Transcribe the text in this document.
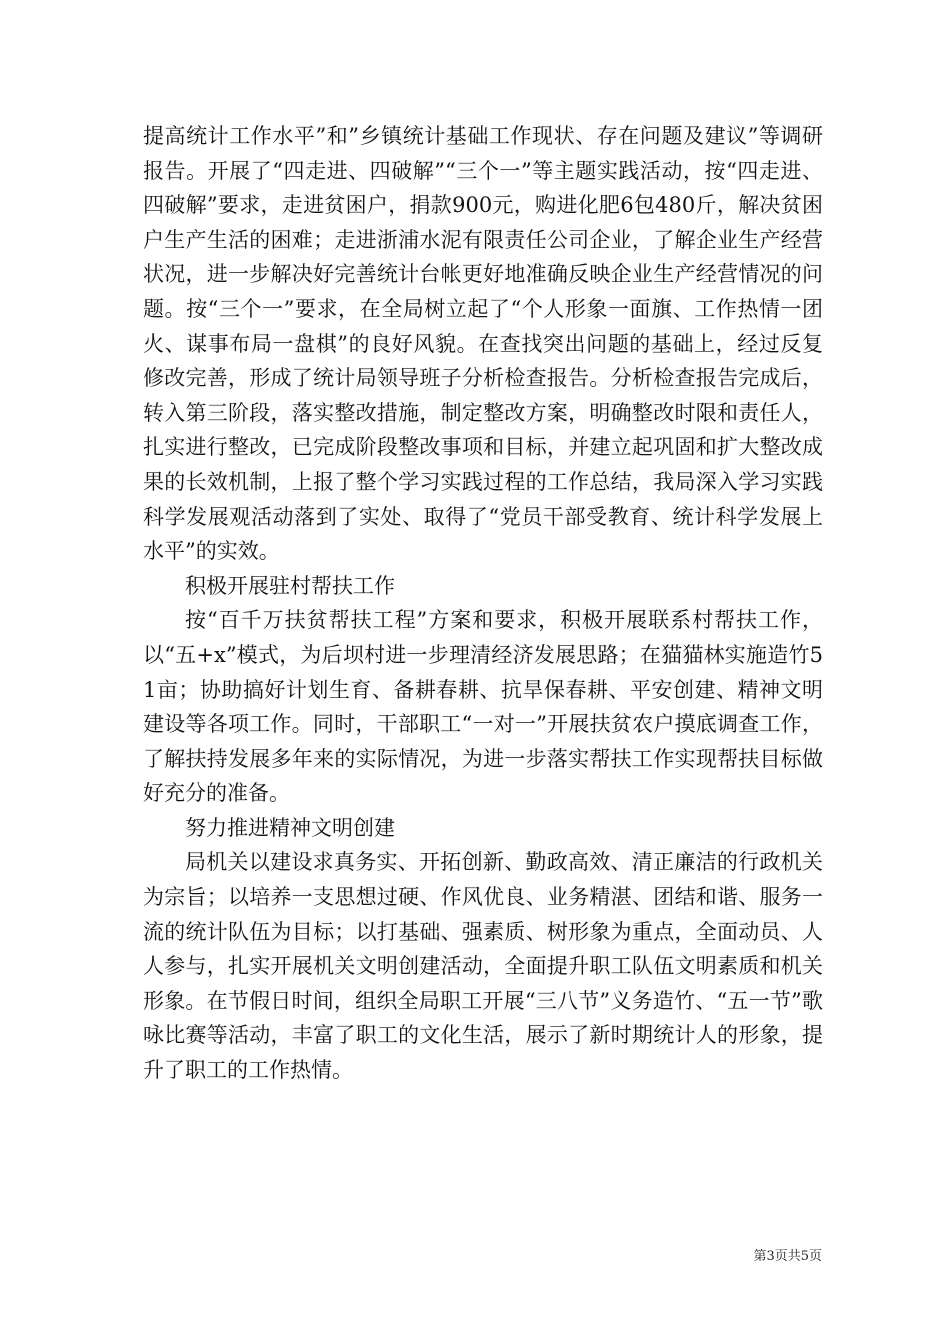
提高统计工作水平”和”乡镇统计基础工作现状、存在问题及建议”等调研报告。开展了“四走进、四破解”“三个一”等主题实践活动，按“四走进、四破解”要求，走进贫困户，捐款900元，购进化肥6包480斤，解决贫困户生产生活的困难；走进浙浦水泥有限责任公司企业，了解企业生产经营状况，进一步解决好完善统计台帐更好地准确反映企业生产经营情况的问题。按“三个一”要求，在全局树立起了“个人形象一面旗、工作热情一团火、谋事布局一盘棋”的良好风貌。在查找突出问题的基础上，经过反复修改完善，形成了统计局领导班子分析检查报告。分析检查报告完成后，转入第三阶段，落实整改措施，制定整改方案，明确整改时限和责任人，扎实进行整改，已完成阶段整改事项和目标，并建立起巩固和扩大整改成果的长效机制，上报了整个学习实践过程的工作总结，我局深入学习实践科学发展观活动落到了实处、取得了“党员干部受教育、统计科学发展上水平”的实效。

积极开展驻村帮扶工作

按“百千万扶贫帮扶工程”方案和要求，积极开展联系村帮扶工作，以“五+x”模式，为后坝村进一步理清经济发展思路；在猫猫林实施造竹51亩；协助搞好计划生育、备耕春耕、抗旱保春耕、平安创建、精神文明建设等各项工作。同时，干部职工“一对一”开展扶贫农户摸底调查工作，了解扶持发展多年来的实际情况，为进一步落实帮扶工作实现帮扶目标做好充分的准备。

努力推进精神文明创建

局机关以建设求真务实、开拓创新、勤政高效、清正廉洁的行政机关为宗旨；以培养一支思想过硬、作风优良、业务精湛、团结和谐、服务一流的统计队伍为目标；以打基础、强素质、树形象为重点，全面动员、人人参与，扎实开展机关文明创建活动，全面提升职工队伍文明素质和机关形象。在节假日时间，组织全局职工开展“三八节”义务造竹、“五一节”歌咏比赛等活动，丰富了职工的文化生活，展示了新时期统计人的形象，提升了职工的工作热情。

第3页共5页
